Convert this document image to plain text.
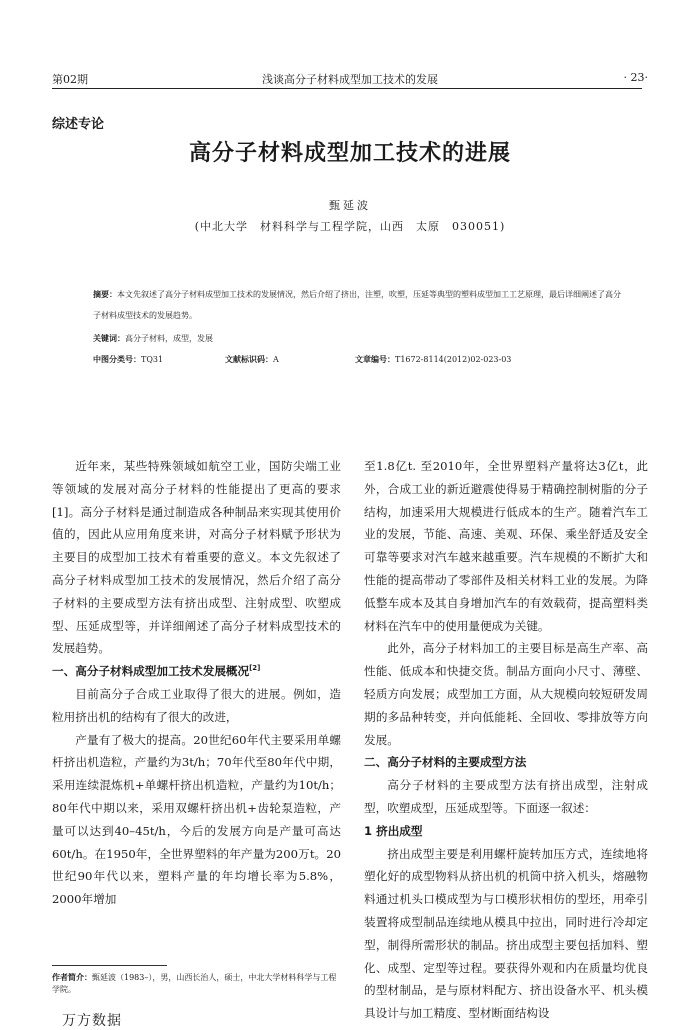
第02期	浅谈高分子材料成型加工技术的发展	· 23·
综述专论
高分子材料成型加工技术的进展
甄延波
(中北大学　材料科学与工程学院，山西　太原　030051)
摘要：本文先叙述了高分子材料成型加工技术的发展情况，然后介绍了挤出，注塑，吹塑，压延等典型的塑料成型加工工艺原理，最后详细阐述了高分子材料成型技术的发展趋势。
关键词：高分子材料，成型，发展
中图分类号：TQ31	文献标识码：A	文章编号：T1672-8114(2012)02-023-03

近年来，某些特殊领域如航空工业，国防尖端工业等领域的发展对高分子材料的性能提出了更高的要求[1]。高分子材料是通过制造成各种制品来实现其使用价值的，因此从应用角度来讲，对高分子材料赋予形状为主要目的成型加工技术有着重要的意义。本文先叙述了高分子材料成型加工技术的发展情况，然后介绍了高分子材料的主要成型方法有挤出成型、注射成型、吹塑成型、压延成型等，并详细阐述了高分子材料成型技术的发展趋势。

一、高分子材料成型加工技术发展概况[2]

目前高分子合成工业取得了很大的进展。例如，造粒用挤出机的结构有了很大的改进，

产量有了极大的提高。20世纪60年代主要采用单螺杆挤出机造粒，产量约为3t/h；70年代至80年代中期，采用连续混炼机+单螺杆挤出机造粒，产量约为10t/h；80年代中期以来，采用双螺杆挤出机+齿轮泵造粒，产量可以达到40–45t/h，今后的发展方向是产量可高达60t/h。在1950年，全世界塑料的年产量为200万t。20世纪90年代以来，塑料产量的年均增长率为5.8%，2000年增加

至1.8亿t. 至2010年，全世界塑料产量将达3亿t，此外，合成工业的新近避震使得易于精确控制树脂的分子结构，加速采用大规模进行低成本的生产。随着汽车工业的发展，节能、高速、美观、环保、乘坐舒适及安全可靠等要求对汽车越来越重要。汽车规模的不断扩大和性能的提高带动了零部件及相关材料工业的发展。为降低整车成本及其自身增加汽车的有效载荷，提高塑料类材料在汽车中的使用量便成为关键。

此外，高分子材料加工的主要目标是高生产率、高性能、低成本和快捷交货。制品方面向小尺寸、薄壁、轻质方向发展；成型加工方面，从大规模向较短研发周期的多品种转变，并向低能耗、全回收、零排放等方向发展。

二、高分子材料的主要成型方法

高分子材料的主要成型方法有挤出成型，注射成型，吹塑成型，压延成型等。下面逐一叙述：

1 挤出成型

挤出成型主要是利用螺杆旋转加压方式，连续地将塑化好的成型物料从挤出机的机筒中挤入机头，熔融物料通过机头口模成型为与口模形状相仿的型坯，用牵引装置将成型制品连续地从模具中拉出，同时进行冷却定型，制得所需形状的制品。挤出成型主要包括加料、塑化、成型、定型等过程。要获得外观和内在质量均优良的型材制品，是与原材料配方、挤出设备水平、机头模具设计与加工精度、型材断面结构设

作者简介：甄延波（1983–），男，山西长治人，硕士，中北大学材料科学与工程学院。
万方数据
